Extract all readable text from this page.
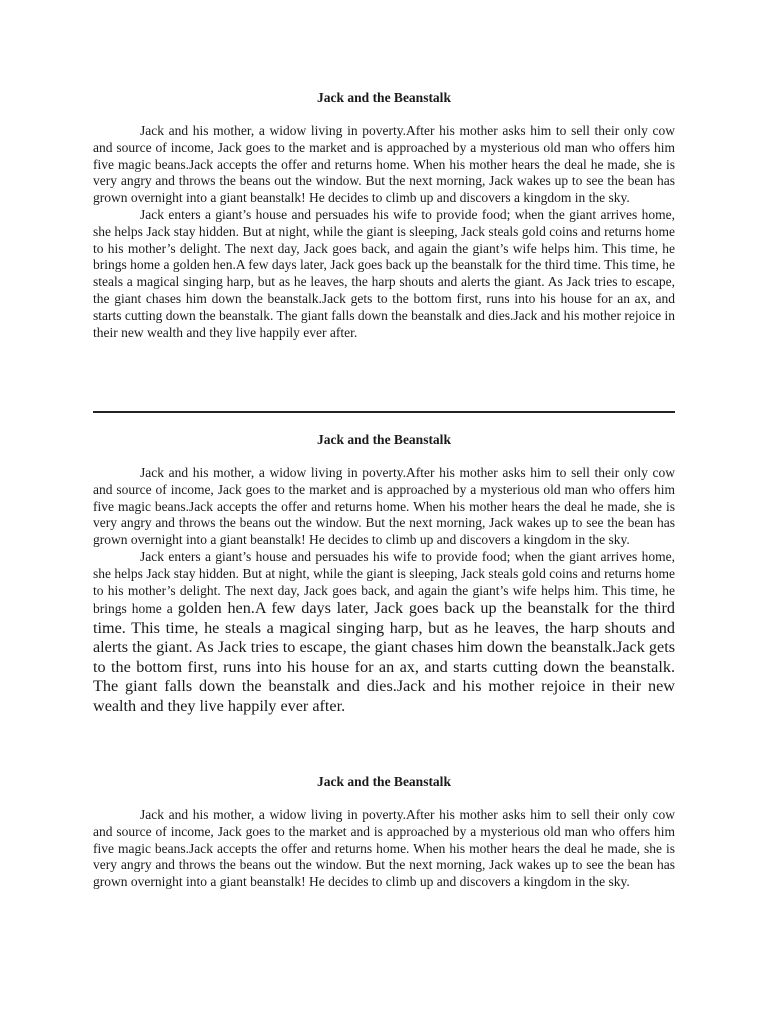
Jack and the Beanstalk

Jack and his mother, a widow living in poverty.After his mother asks him to sell their only cow and source of income, Jack goes to the market and is approached by a mysterious old man who offers him five magic beans.Jack accepts the offer and returns home. When his mother hears the deal he made, she is very angry and throws the beans out the window. But the next morning, Jack wakes up to see the bean has grown overnight into a giant beanstalk! He decides to climb up and discovers a kingdom in the sky.

Jack enters a giant’s house and persuades his wife to provide food; when the giant arrives home, she helps Jack stay hidden. But at night, while the giant is sleeping, Jack steals gold coins and returns home to his mother’s delight. The next day, Jack goes back, and again the giant’s wife helps him. This time, he brings home a golden hen.A few days later, Jack goes back up the beanstalk for the third time. This time, he steals a magical singing harp, but as he leaves, the harp shouts and alerts the giant. As Jack tries to escape, the giant chases him down the beanstalk.Jack gets to the bottom first, runs into his house for an ax, and starts cutting down the beanstalk. The giant falls down the beanstalk and dies.Jack and his mother rejoice in their new wealth and they live happily ever after.

Jack and the Beanstalk

Jack and his mother, a widow living in poverty.After his mother asks him to sell their only cow and source of income, Jack goes to the market and is approached by a mysterious old man who offers him five magic beans.Jack accepts the offer and returns home. When his mother hears the deal he made, she is very angry and throws the beans out the window. But the next morning, Jack wakes up to see the bean has grown overnight into a giant beanstalk! He decides to climb up and discovers a kingdom in the sky.

Jack enters a giant’s house and persuades his wife to provide food; when the giant arrives home, she helps Jack stay hidden. But at night, while the giant is sleeping, Jack steals gold coins and returns home to his mother’s delight. The next day, Jack goes back, and again the giant’s wife helps him. This time, he brings home a golden hen.A few days later, Jack goes back up the beanstalk for the third time. This time, he steals a magical singing harp, but as he leaves, the harp shouts and alerts the giant. As Jack tries to escape, the giant chases him down the beanstalk.Jack gets to the bottom first, runs into his house for an ax, and starts cutting down the beanstalk. The giant falls down the beanstalk and dies.Jack and his mother rejoice in their new wealth and they live happily ever after.

Jack and the Beanstalk

Jack and his mother, a widow living in poverty.After his mother asks him to sell their only cow and source of income, Jack goes to the market and is approached by a mysterious old man who offers him five magic beans.Jack accepts the offer and returns home. When his mother hears the deal he made, she is very angry and throws the beans out the window. But the next morning, Jack wakes up to see the bean has grown overnight into a giant beanstalk! He decides to climb up and discovers a kingdom in the sky.
